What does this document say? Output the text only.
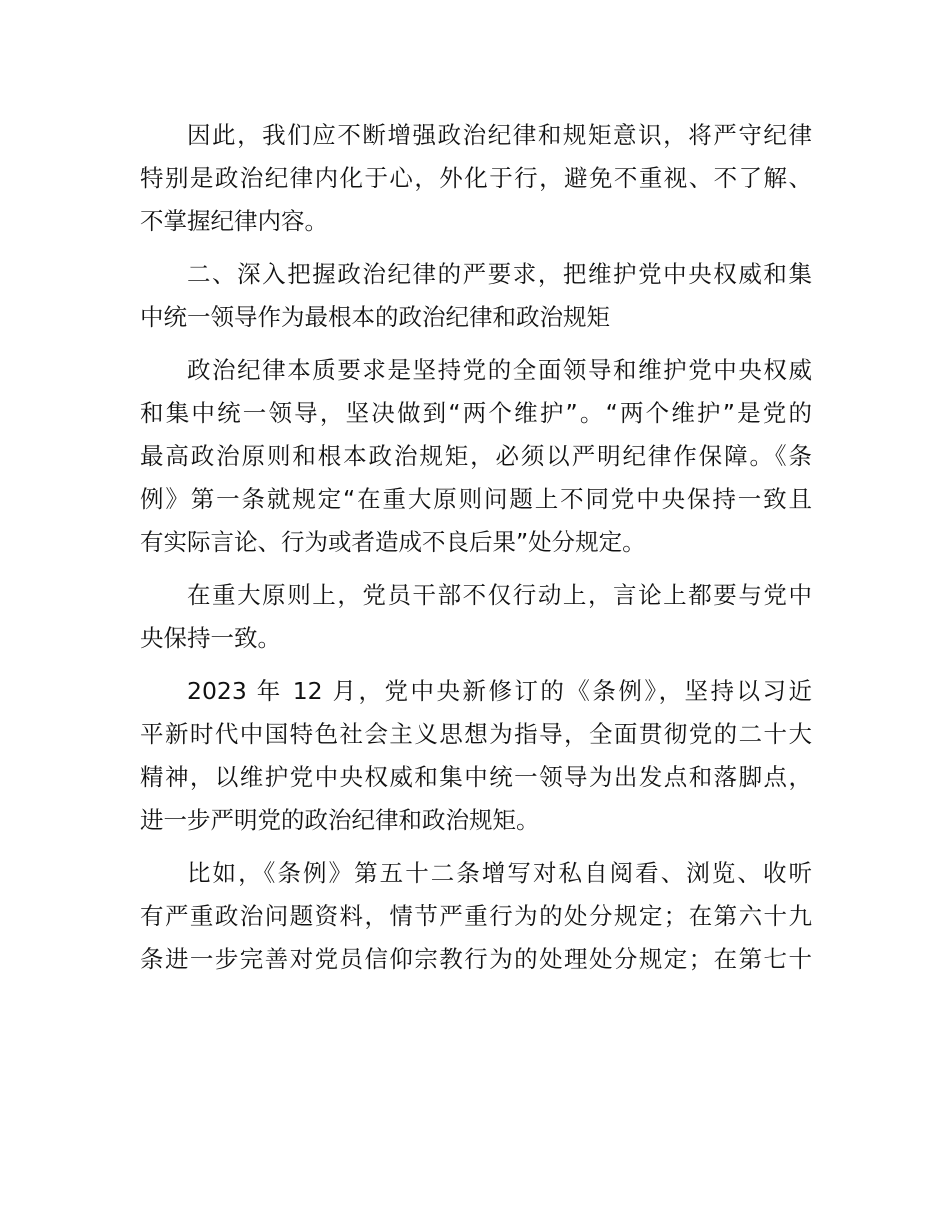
因此，我们应不断增强政治纪律和规矩意识，将严守纪律
特别是政治纪律内化于心，外化于行，避免不重视、不了解、
不掌握纪律内容。

二、深入把握政治纪律的严要求，把维护党中央权威和集
中统一领导作为最根本的政治纪律和政治规矩

政治纪律本质要求是坚持党的全面领导和维护党中央权威
和集中统一领导，坚决做到“两个维护”。“两个维护”是党的
最高政治原则和根本政治规矩，必须以严明纪律作保障。《条
例》第一条就规定“在重大原则问题上不同党中央保持一致且
有实际言论、行为或者造成不良后果”处分规定。

在重大原则上，党员干部不仅行动上，言论上都要与党中
央保持一致。

2023 年 12 月，党中央新修订的《条例》，坚持以习近
平新时代中国特色社会主义思想为指导，全面贯彻党的二十大
精神，以维护党中央权威和集中统一领导为出发点和落脚点，
进一步严明党的政治纪律和政治规矩。

比如，《条例》第五十二条增写对私自阅看、浏览、收听
有严重政治问题资料，情节严重行为的处分规定；在第六十九
条进一步完善对党员信仰宗教行为的处理处分规定；在第七十
